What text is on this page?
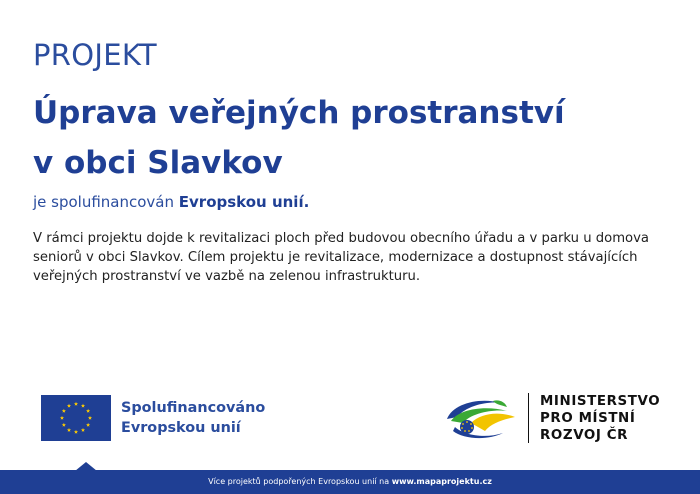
PROJEKT
Úprava veřejných prostranství
v obci Slavkov
je spolufinancován Evropskou unií.
V rámci projektu dojde k revitalizaci ploch před budovou obecního úřadu a v parku u domova seniorů v obci Slavkov. Cílem projektu je revitalizace, modernizace a dostupnost stávajících veřejných prostranství ve vazbě na zelenou infrastrukturu.
Spolufinancováno
Evropskou unií
MINISTERSTVO
PRO MÍSTNÍ
ROZVOJ ČR
Více projektů podpořených Evropskou unií na www.mapaprojektu.cz
